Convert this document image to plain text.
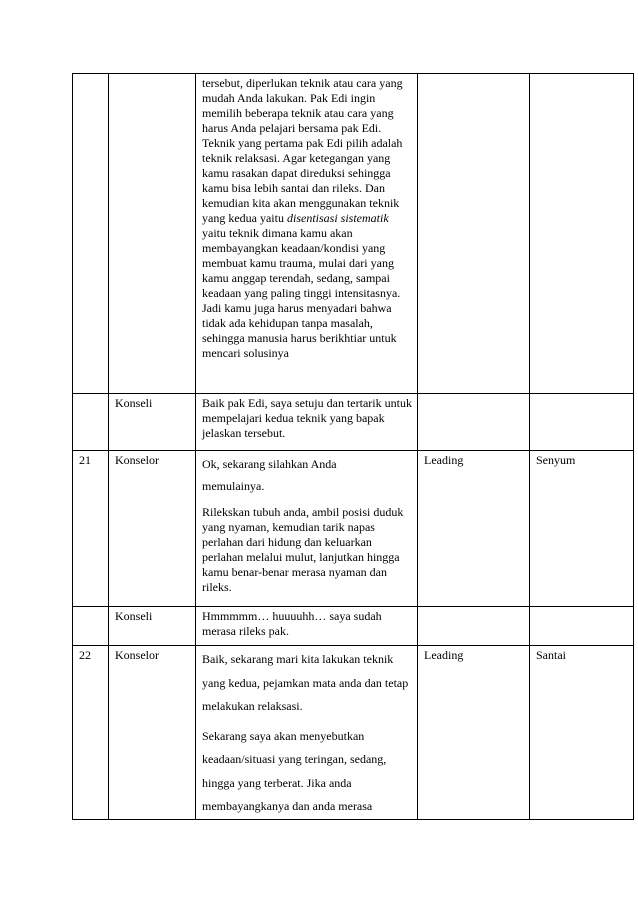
		tersebut, diperlukan teknik atau cara yang mudah Anda lakukan. Pak Edi ingin memilih beberapa teknik atau cara yang harus Anda pelajari bersama pak Edi. Teknik yang pertama pak Edi pilih adalah teknik relaksasi. Agar ketegangan yang kamu rasakan dapat direduksi sehingga kamu bisa lebih santai dan rileks. Dan kemudian kita akan menggunakan teknik yang kedua yaitu disentisasi sistematik yaitu teknik dimana kamu akan membayangkan keadaan/kondisi yang membuat kamu trauma, mulai dari yang kamu anggap terendah, sedang, sampai keadaan yang paling tinggi intensitasnya. Jadi kamu juga harus menyadari bahwa tidak ada kehidupan tanpa masalah, sehingga manusia harus berikhtiar untuk mencari solusinya		

	Konseli	Baik pak Edi, saya setuju dan tertarik untuk mempelajari kedua teknik yang bapak jelaskan tersebut.		

21	Konselor	Ok, sekarang silahkan Anda

memulainya.

Rilekskan tubuh anda, ambil posisi duduk yang nyaman, kemudian tarik napas perlahan dari hidung dan keluarkan perlahan melalui mulut, lanjutkan hingga kamu benar-benar merasa nyaman dan rileks.	Leading	Senyum
	Konseli	Hmmmmm… huuuuhh… saya sudah merasa rileks pak.		

22	Konselor	Baik, sekarang mari kita lakukan teknik yang kedua, pejamkan mata anda dan tetap melakukan relaksasi.

Sekarang saya akan menyebutkan keadaan/situasi yang teringan, sedang, hingga yang terberat. Jika anda membayangkanya dan anda merasa	Leading	Santai
